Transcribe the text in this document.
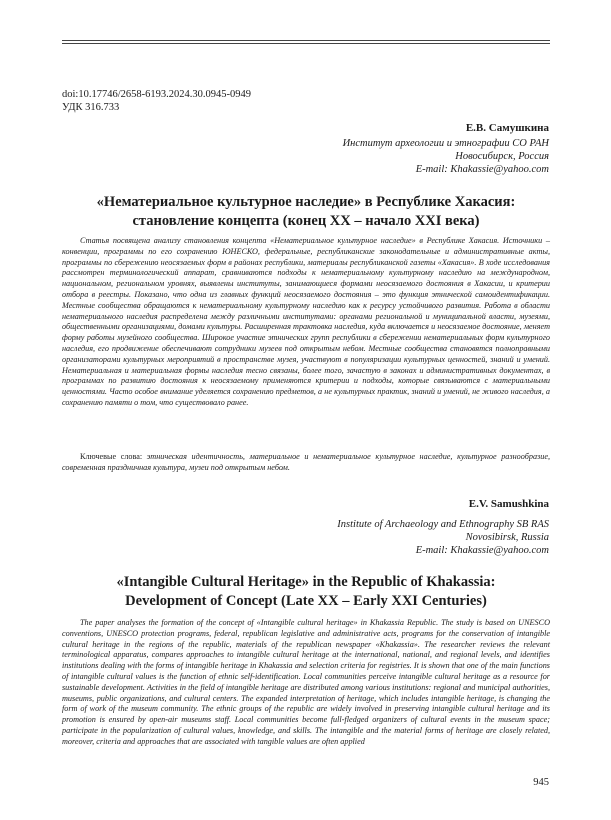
doi:10.17746/2658-6193.2024.30.0945-0949
УДК 316.733
Е.В. Самушкина
Институт археологии и этнографии СО РАН
Новосибирск, Россия
E-mail: Khakassie@yahoo.com
«Нематериальное культурное наследие» в Республике Хакасия:
становление концепта (конец XX – начало XXI века)

Статья посвящена анализу становления концепта «Нематериальное культурное наследие» в Республике Хакасия. Источники – конвенции, программы по его сохранению ЮНЕСКО, федеральные, республиканские законодательные и административные акты, программы по сбережению неосязаемых форм в районах республики, материалы республиканской газеты «Хакасия». В ходе исследования рассмотрен терминологический аппарат, сравниваются подходы к нематериальному культурному наследию на международном, национальном, региональном уровнях, выявлены институты, занимающиеся формами неосязаемого достояния в Хакасии, и критерии отбора в реестры. Показано, что одна из главных функций неосязаемого достояния – это функция этнической самоидентификации. Местные сообщества обращаются к нематериальному культурному наследию как к ресурсу устойчивого развития. Работа в области нематериального наследия распределена между различными институтами: органами региональной и муниципальной власти, музеями, общественными организациями, домами культуры. Расширенная трактовка наследия, куда включается и неосязаемое достояние, меняет форму работы музейного сообщества. Широкое участие этнических групп республики в сбережении нематериальных форм культурного наследия, его продвижение обеспечивают сотрудники музеев под открытым небом. Местные сообщества становятся полноправными организаторами культурных мероприятий в пространстве музея, участвуют в популяризации культурных ценностей, знаний и умений. Нематериальная и материальная формы наследия тесно связаны, более того, зачастую в законах и административных документах, в программах по развитию достояния к неосязаемому применяются критерии и подходы, которые связываются с материальными ценностями. Часто особое внимание уделяется сохранению предметов, а не культурных практик, знаний и умений, не живого наследия, а сохранению памяти о том, что существовало ранее.

Ключевые слова: этническая идентичность, материальное и нематериальное культурное наследие, культурное разнообразие, современная праздничная культура, музеи под открытым небом.

E.V. Samushkina
Institute of Archaeology and Ethnography SB RAS
Novosibirsk, Russia
E-mail: Khakassie@yahoo.com
«Intangible Cultural Heritage» in the Republic of Khakassia:
Development of Concept (Late XX – Early XXI Centuries)

The paper analyses the formation of the concept of «Intangible cultural heritage» in Khakassia Republic. The study is based on UNESCO conventions, UNESCO protection programs, federal, republican legislative and administrative acts, programs for the conservation of intangible cultural heritage in the regions of the republic, materials of the republican newspaper «Khakassia». The researcher reviews the relevant terminological apparatus, compares approaches to intangible cultural heritage at the international, national, and regional levels, and identifies institutions dealing with the forms of intangible heritage in Khakassia and selection criteria for registries. It is shown that one of the main functions of intangible cultural values is the function of ethnic self-identification. Local communities perceive intangible cultural heritage as a resource for sustainable development. Activities in the field of intangible heritage are distributed among various institutions: regional and municipal authorities, museums, public organizations, and cultural centers. The expanded interpretation of heritage, which includes intangible heritage, is changing the form of work of the museum community. The ethnic groups of the republic are widely involved in preserving intangible cultural heritage and its promotion is ensured by open-air museums staff. Local communities become full-fledged organizers of cultural events in the museum space; participate in the popularization of cultural values, knowledge, and skills. The intangible and the material forms of heritage are closely related, moreover, criteria and approaches that are associated with tangible values are often applied

945
